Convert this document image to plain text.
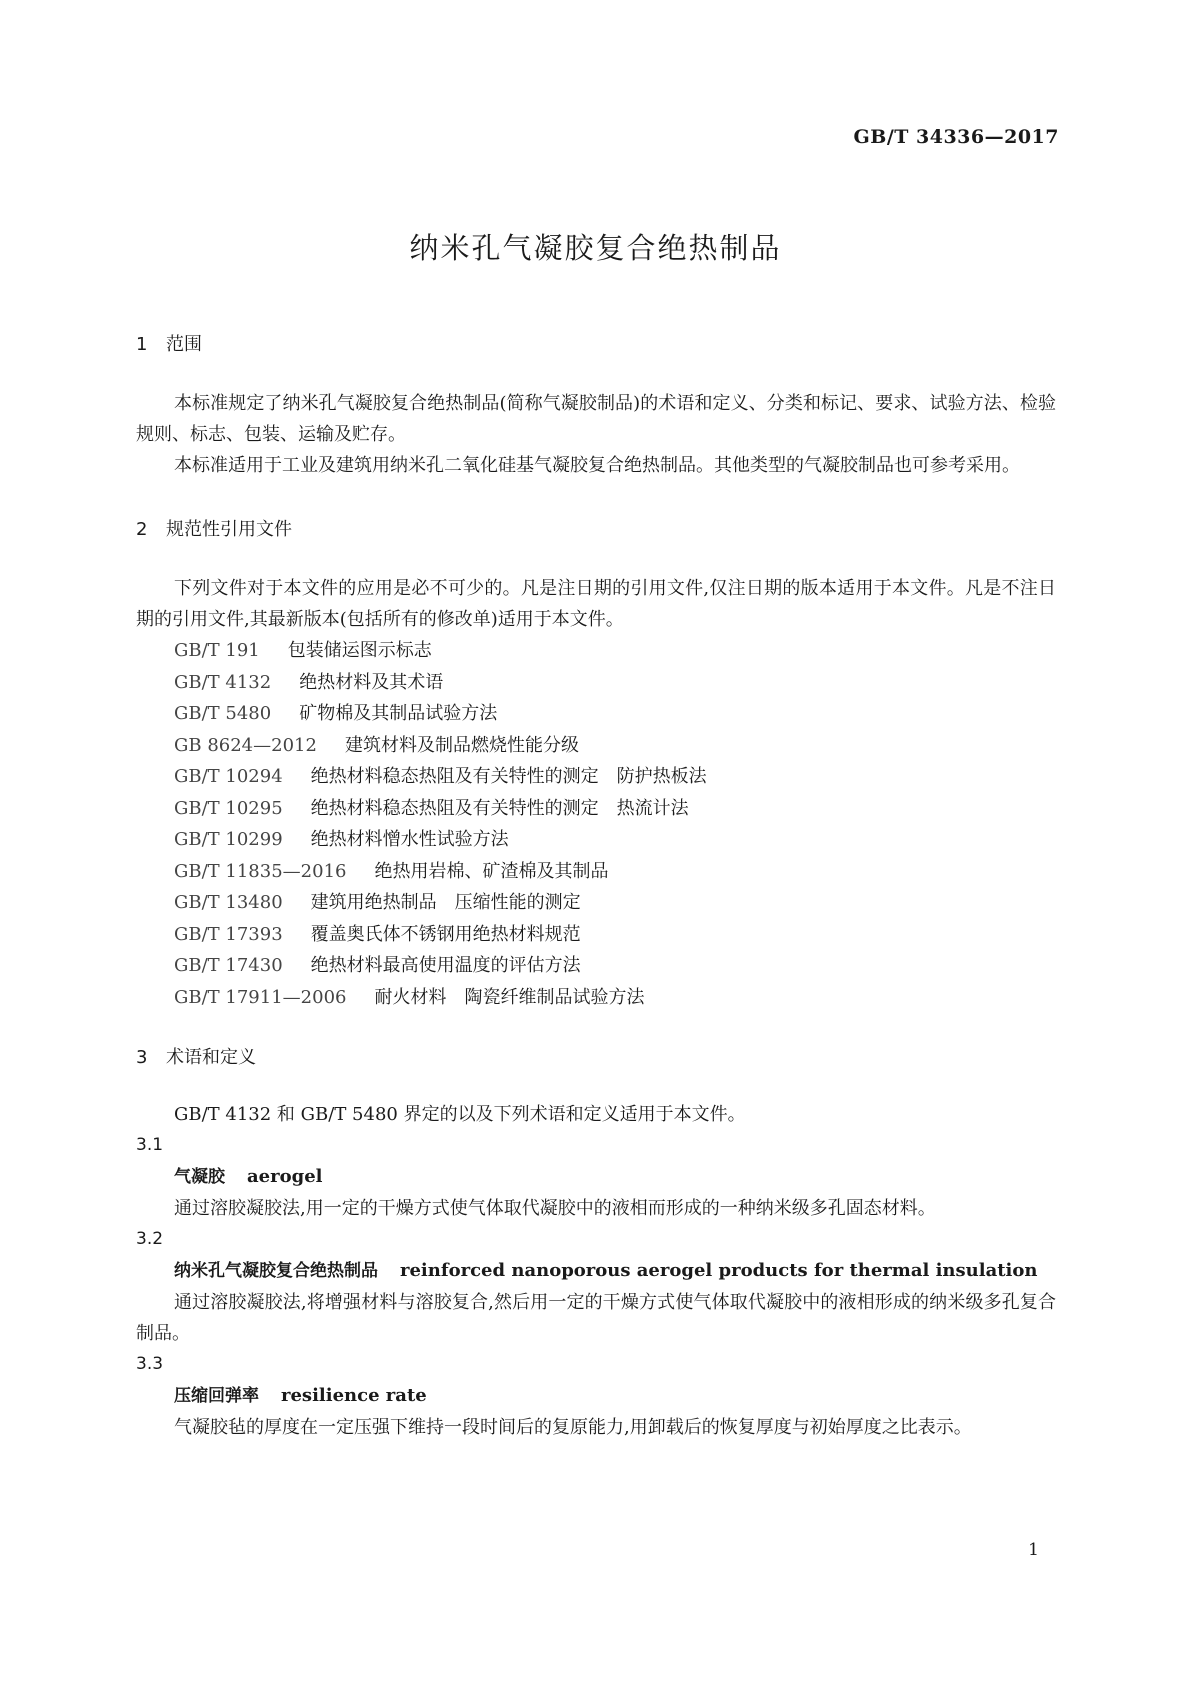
GB/T 34336—2017
纳米孔气凝胶复合绝热制品
1 范围

本标准规定了纳米孔气凝胶复合绝热制品(简称气凝胶制品)的术语和定义、分类和标记、要求、试验方法、检验规则、标志、包装、运输及贮存。

本标准适用于工业及建筑用纳米孔二氧化硅基气凝胶复合绝热制品。其他类型的气凝胶制品也可参考采用。

2 规范性引用文件

下列文件对于本文件的应用是必不可少的。凡是注日期的引用文件,仅注日期的版本适用于本文件。凡是不注日期的引用文件,其最新版本(包括所有的修改单)适用于本文件。

GB/T 191 包装储运图示标志
GB/T 4132 绝热材料及其术语
GB/T 5480 矿物棉及其制品试验方法
GB 8624—2012 建筑材料及制品燃烧性能分级
GB/T 10294 绝热材料稳态热阻及有关特性的测定　防护热板法
GB/T 10295 绝热材料稳态热阻及有关特性的测定　热流计法
GB/T 10299 绝热材料憎水性试验方法
GB/T 11835—2016 绝热用岩棉、矿渣棉及其制品
GB/T 13480 建筑用绝热制品　压缩性能的测定
GB/T 17393 覆盖奥氏体不锈钢用绝热材料规范
GB/T 17430 绝热材料最高使用温度的评估方法
GB/T 17911—2006 耐火材料　陶瓷纤维制品试验方法
3 术语和定义

GB/T 4132 和 GB/T 5480 界定的以及下列术语和定义适用于本文件。

3.1
气凝胶 aerogel

通过溶胶凝胶法,用一定的干燥方式使气体取代凝胶中的液相而形成的一种纳米级多孔固态材料。

3.2
纳米孔气凝胶复合绝热制品 reinforced nanoporous aerogel products for thermal insulation

通过溶胶凝胶法,将增强材料与溶胶复合,然后用一定的干燥方式使气体取代凝胶中的液相形成的纳米级多孔复合制品。

3.3
压缩回弹率 resilience rate

气凝胶毡的厚度在一定压强下维持一段时间后的复原能力,用卸载后的恢复厚度与初始厚度之比表示。

1
